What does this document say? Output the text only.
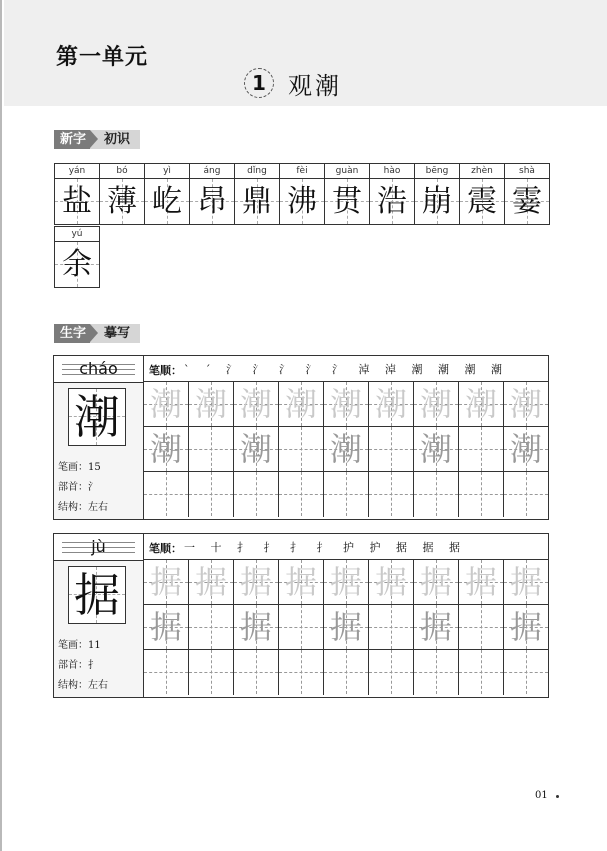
第一单元
1 观潮
新字	初识
yán
盐
bó
薄
yì
屹
áng
昂
dǐng
鼎
fèi
沸
guàn
贯
hào
浩
bēng
崩
zhèn
震
shà
霎
yú
余
生字	摹写
cháo
潮
笔画：15
部首：氵
结构：左右
笔顺： ` ˊ 氵 氵 氵 氵 氵 淖 淖 潮 潮 潮 潮
潮 潮 潮 潮 潮 潮 潮 潮 潮
潮 潮 潮 潮 潮
jù
据
笔画：11
部首：扌
结构：左右
笔顺： 一 十 扌 扌 扌 扌 护 护 据 据 据
据 据 据 据 据 据 据 据 据
据 据 据 据 据
01
